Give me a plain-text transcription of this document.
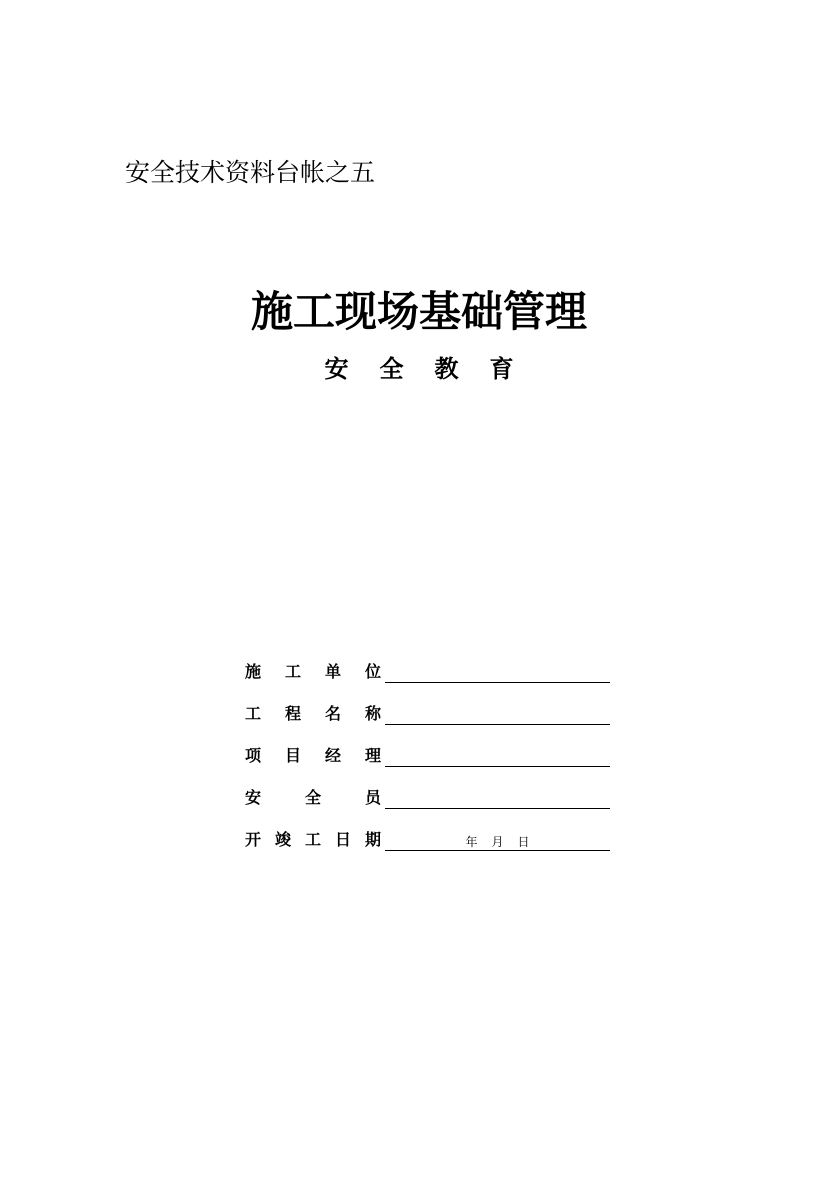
安全技术资料台帐之五
施工现场基础管理
安全教育
施 工 单 位
工 程 名 称
项 目 经 理
安	全	员
开 竣 工 日 期	年 月 日
